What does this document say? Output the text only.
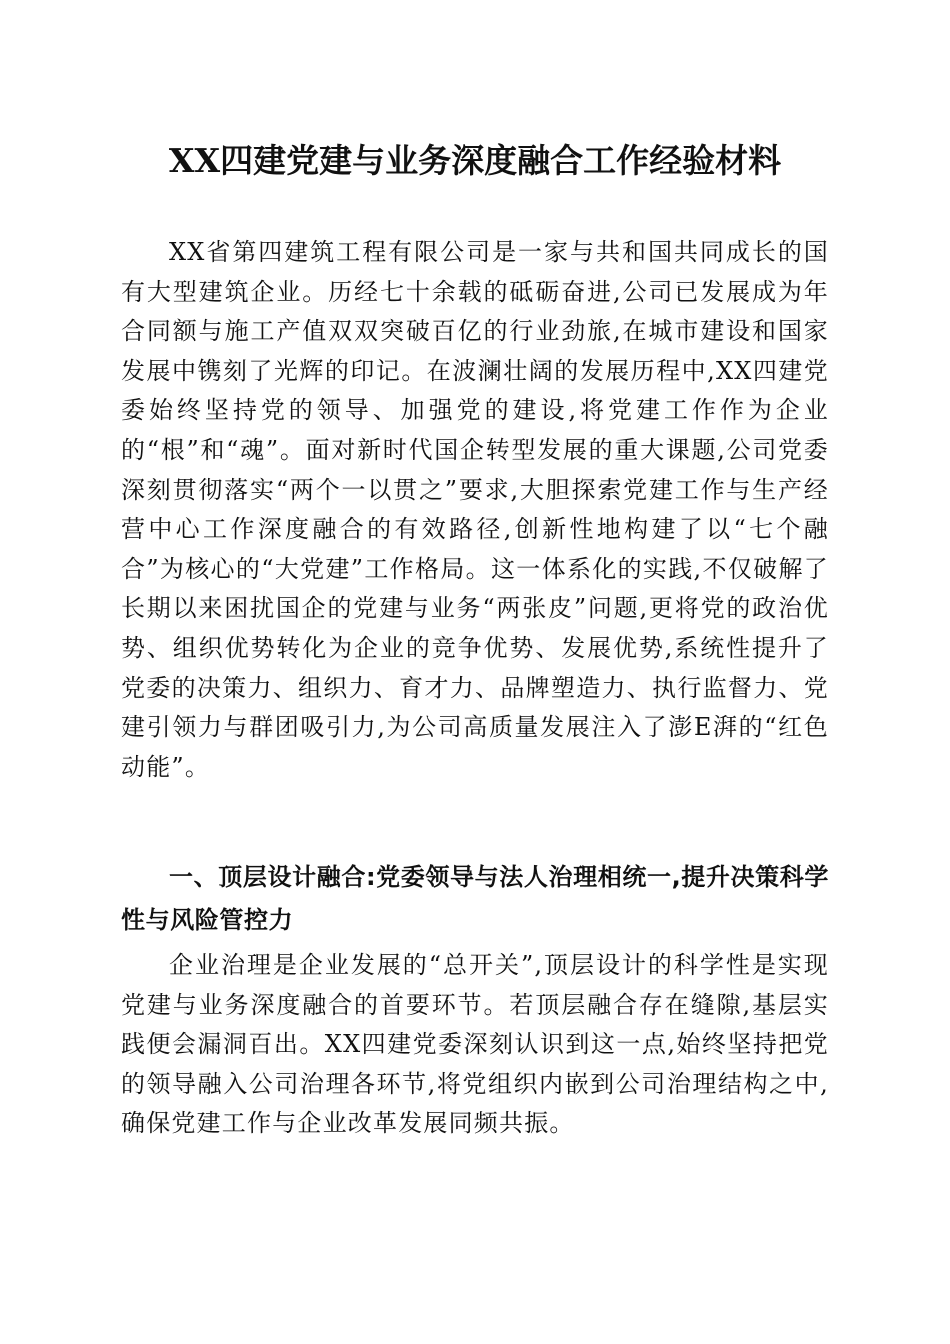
XX四建党建与业务深度融合工作经验材料

XX省第四建筑工程有限公司是一家与共和国共同成长的国有大型建筑企业。历经七十余载的砥砺奋进,公司已发展成为年合同额与施工产值双双突破百亿的行业劲旅,在城市建设和国家发展中镌刻了光辉的印记。在波澜壮阔的发展历程中,XX四建党委始终坚持党的领导、加强党的建设,将党建工作作为企业的“根”和“魂”。面对新时代国企转型发展的重大课题,公司党委深刻贯彻落实“两个一以贯之”要求,大胆探索党建工作与生产经营中心工作深度融合的有效路径,创新性地构建了以“七个融合”为核心的“大党建”工作格局。这一体系化的实践,不仅破解了长期以来困扰国企的党建与业务“两张皮”问题,更将党的政治优势、组织优势转化为企业的竞争优势、发展优势,系统性提升了党委的决策力、组织力、育才力、品牌塑造力、执行监督力、党建引领力与群团吸引力,为公司高质量发展注入了澎E湃的“红色动能”。

一、顶层设计融合:党委领导与法人治理相统一,提升决策科学性与风险管控力

企业治理是企业发展的“总开关”,顶层设计的科学性是实现党建与业务深度融合的首要环节。若顶层融合存在缝隙,基层实践便会漏洞百出。XX四建党委深刻认识到这一点,始终坚持把党的领导融入公司治理各环节,将党组织内嵌到公司治理结构之中,确保党建工作与企业改革发展同频共振。
